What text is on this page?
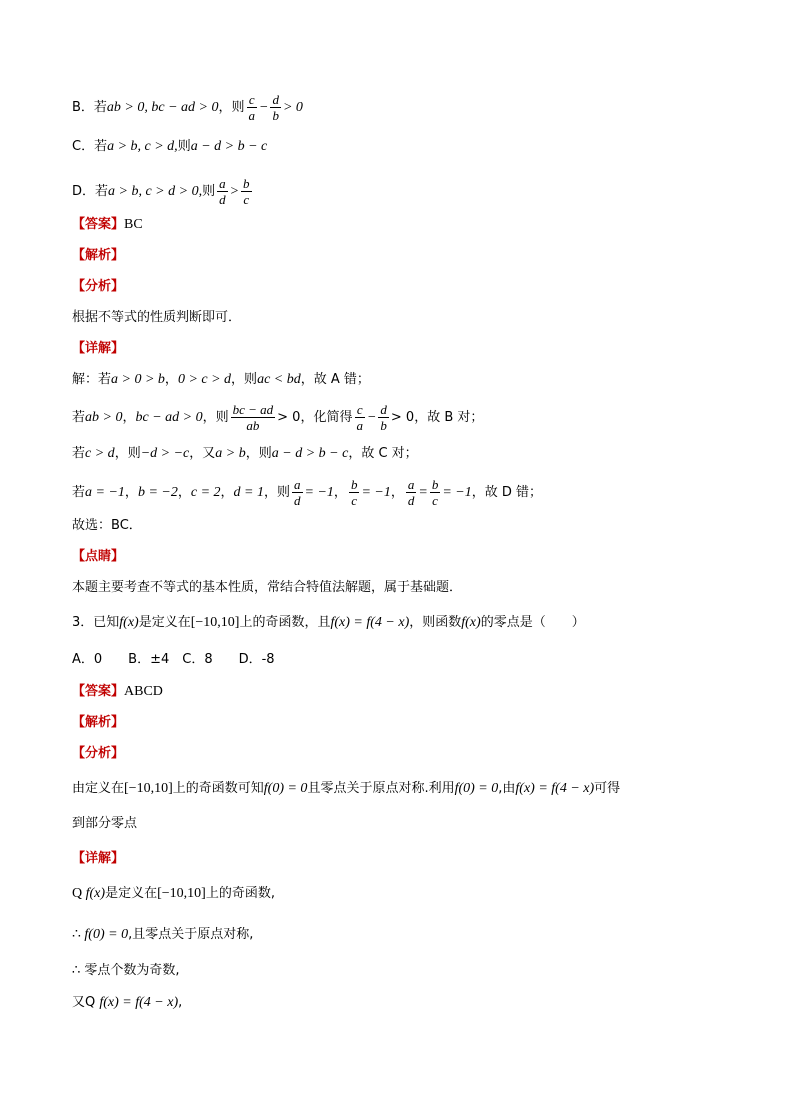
B．若ab > 0, bc − ad > 0，则 $\frac{c}{a} - \frac{d}{b} > 0$
C．若a > b, c > d,则a − d > b − c
D．若a > b, c > d > 0,则 $\frac{a}{d} > \frac{b}{c}$
【答案】BC
【解析】
【分析】
根据不等式的性质判断即可．
【详解】
解：若a > 0 > b，0 > c > d，则ac < bd，故 A 错；
若ab > 0，bc − ad > 0，则 $\frac{bc - ad}{ab} > 0$，化简得 $\frac{c}{a} - \frac{d}{b} > 0$，故 B 对；
若c > d，则−d > −c，又a > b，则a − d > b − c，故 C 对；
若a = −1，b = −2，c = 2，d = 1，则 $\frac{a}{d} = -1$， $\frac{b}{c} = -1$， $\frac{a}{d} = \frac{b}{c} = -1$，故 D 错；
故选：BC．
【点睛】
本题主要考查不等式的基本性质，常结合特值法解题，属于基础题．
3．已知f(x)是定义在[−10,10]上的奇函数，且f(x) = f(4 − x)，则函数f(x)的零点是（　　）
A．0　　B．±4　C．8　　D．-8
【答案】ABCD
【解析】
【分析】
由定义在[−10,10]上的奇函数可知f(0) = 0且零点关于原点对称.利用f(0) = 0,由f(x) = f(4 − x)可得
到部分零点
【详解】
Q f(x)是定义在[−10,10]上的奇函数,
∴ f(0) = 0,且零点关于原点对称,
∴ 零点个数为奇数,
又Q f(x) = f(4 − x),
